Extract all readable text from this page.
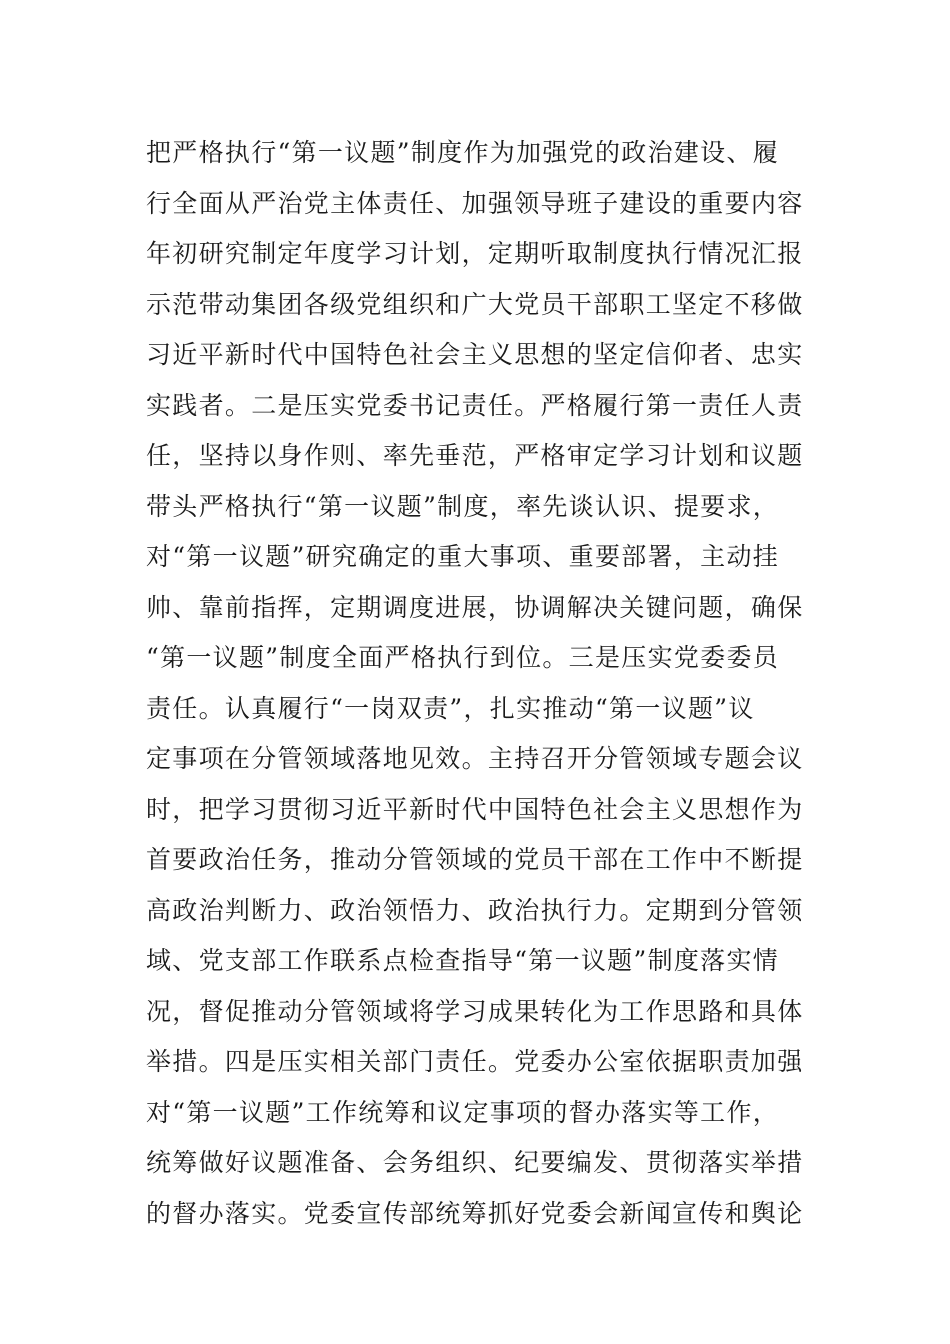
把严格执行“第一议题”制度作为加强党的政治建设、履
行全面从严治党主体责任、加强领导班子建设的重要内容
年初研究制定年度学习计划，定期听取制度执行情况汇报
示范带动集团各级党组织和广大党员干部职工坚定不移做
习近平新时代中国特色社会主义思想的坚定信仰者、忠实
实践者。二是压实党委书记责任。严格履行第一责任人责
任，坚持以身作则、率先垂范，严格审定学习计划和议题
带头严格执行“第一议题”制度，率先谈认识、提要求，
对“第一议题”研究确定的重大事项、重要部署，主动挂
帅、靠前指挥，定期调度进展，协调解决关键问题，确保
“第一议题”制度全面严格执行到位。三是压实党委委员
责任。认真履行“一岗双责”，扎实推动“第一议题”议
定事项在分管领域落地见效。主持召开分管领域专题会议
时，把学习贯彻习近平新时代中国特色社会主义思想作为
首要政治任务，推动分管领域的党员干部在工作中不断提
高政治判断力、政治领悟力、政治执行力。定期到分管领
域、党支部工作联系点检查指导“第一议题”制度落实情
况，督促推动分管领域将学习成果转化为工作思路和具体
举措。四是压实相关部门责任。党委办公室依据职责加强
对“第一议题”工作统筹和议定事项的督办落实等工作，
统筹做好议题准备、会务组织、纪要编发、贯彻落实举措
的督办落实。党委宣传部统筹抓好党委会新闻宣传和舆论
